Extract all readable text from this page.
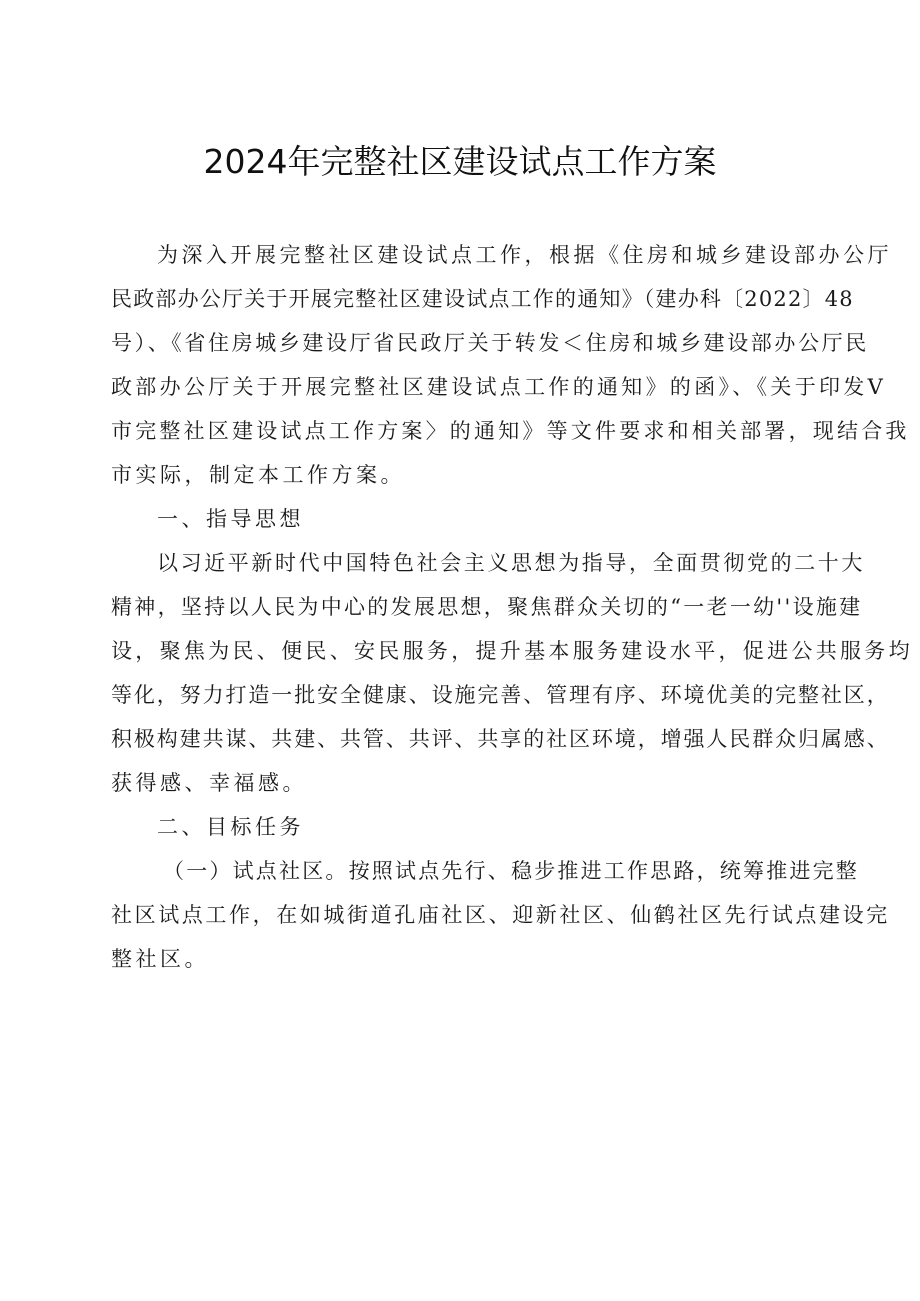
2024年完整社区建设试点工作方案

为深入开展完整社区建设试点工作，根据《住房和城乡建设部办公厅
民政部办公厅关于开展完整社区建设试点工作的通知》（建办科〔2022〕48
号）、《省住房城乡建设厅省民政厅关于转发＜住房和城乡建设部办公厅民
政部办公厅关于开展完整社区建设试点工作的通知》的函》、《关于印发V
市完整社区建设试点工作方案〉的通知》等文件要求和相关部署，现结合我
市实际，制定本工作方案。

一、指导思想

以习近平新时代中国特色社会主义思想为指导，全面贯彻党的二十大
精神，坚持以人民为中心的发展思想，聚焦群众关切的“一老一幼''设施建
设，聚焦为民、便民、安民服务，提升基本服务建设水平，促进公共服务均
等化，努力打造一批安全健康、设施完善、管理有序、环境优美的完整社区，
积极构建共谋、共建、共管、共评、共享的社区环境，增强人民群众归属感、
获得感、幸福感。

二、目标任务

（一）试点社区。按照试点先行、稳步推进工作思路，统筹推进完整
社区试点工作，在如城街道孔庙社区、迎新社区、仙鹤社区先行试点建设完
整社区。
